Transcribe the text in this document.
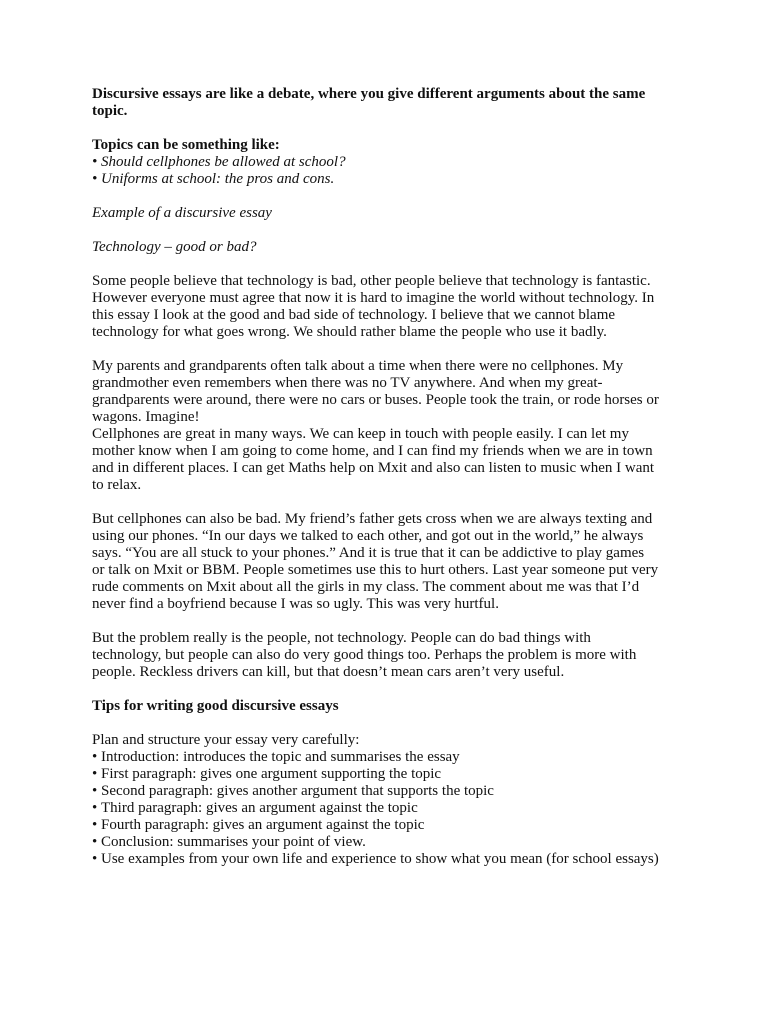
Discursive essays are like a debate, where you give different arguments about the same
topic.
Topics can be something like:
• Should cellphones be allowed at school?
• Uniforms at school: the pros and cons.
Example of a discursive essay
Technology – good or bad?
Some people believe that technology is bad, other people believe that technology is fantastic.
However everyone must agree that now it is hard to imagine the world without technology. In
this essay I look at the good and bad side of technology. I believe that we cannot blame
technology for what goes wrong. We should rather blame the people who use it badly.
My parents and grandparents often talk about a time when there were no cellphones. My
grandmother even remembers when there was no TV anywhere. And when my great-
grandparents were around, there were no cars or buses. People took the train, or rode horses or
wagons. Imagine!
Cellphones are great in many ways. We can keep in touch with people easily. I can let my
mother know when I am going to come home, and I can find my friends when we are in town
and in different places. I can get Maths help on Mxit and also can listen to music when I want
to relax.
But cellphones can also be bad. My friend’s father gets cross when we are always texting and
using our phones. “In our days we talked to each other, and got out in the world,” he always
says. “You are all stuck to your phones.” And it is true that it can be addictive to play games
or talk on Mxit or BBM. People sometimes use this to hurt others. Last year someone put very
rude comments on Mxit about all the girls in my class. The comment about me was that I’d
never find a boyfriend because I was so ugly. This was very hurtful.
But the problem really is the people, not technology. People can do bad things with
technology, but people can also do very good things too. Perhaps the problem is more with
people. Reckless drivers can kill, but that doesn’t mean cars aren’t very useful.
Tips for writing good discursive essays
Plan and structure your essay very carefully:
• Introduction: introduces the topic and summarises the essay
• First paragraph: gives one argument supporting the topic
• Second paragraph: gives another argument that supports the topic
• Third paragraph: gives an argument against the topic
• Fourth paragraph: gives an argument against the topic
• Conclusion: summarises your point of view.
• Use examples from your own life and experience to show what you mean (for school essays)
